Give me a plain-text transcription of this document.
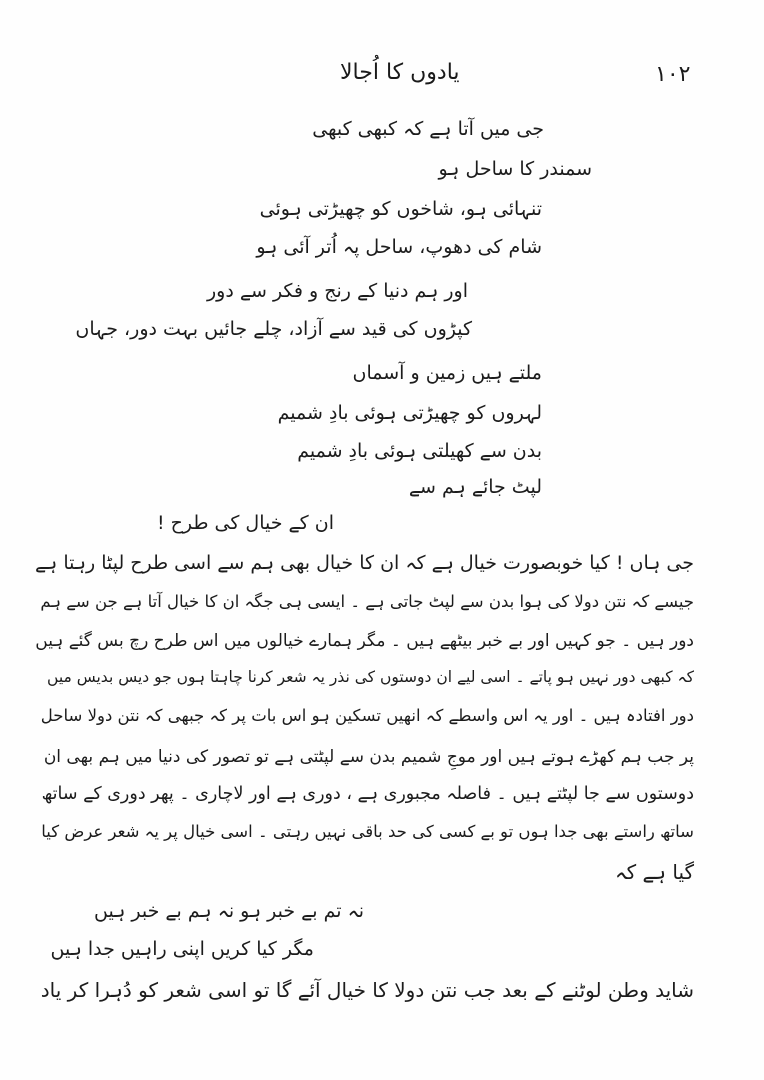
۱۰۲
یادوں کا اُجالا
جی میں آتا ہے کہ کبھی کبھی
سمندر کا ساحل ہو
تنہائی ہو، شاخوں کو چھیڑتی ہوئی
شام کی دھوپ، ساحل پہ اُتر آئی ہو
اور ہم دنیا کے رنج و فکر سے دور
کپڑوں کی قید سے آزاد، چلے جائیں بہت دور، جہاں
ملتے ہیں زمین و آسماں
لہروں کو چھیڑتی ہوئی بادِ شمیم
بدن سے کھیلتی ہوئی بادِ شمیم
لپٹ جائے ہم سے
ان کے خیال کی طرح !
جی ہاں ! کیا خوبصورت خیال ہے کہ ان کا خیال بھی ہم سے اسی طرح لپٹا رہتا ہے
جیسے کہ نتن دولا کی ہوا بدن سے لپٹ جاتی ہے ۔ ایسی ہی جگہ ان کا خیال آتا ہے جن سے ہم
دور ہیں ۔ جو کہیں اور بے خبر بیٹھے ہیں ۔ مگر ہمارے خیالوں میں اس طرح رچ بس گئے ہیں
کہ کبھی دور نہیں ہو پاتے ۔ اسی لیے ان دوستوں کی نذر یہ شعر کرنا چاہتا ہوں جو دیس بدیس میں
دور افتادہ ہیں ۔ اور یہ اس واسطے کہ انھیں تسکین ہو اس بات پر کہ جبھی کہ نتن دولا ساحل
پر جب ہم کھڑے ہوتے ہیں اور موجِ شمیم بدن سے لپٹتی ہے تو تصور کی دنیا میں ہم بھی ان
دوستوں سے جا لپٹتے ہیں ۔ فاصلہ مجبوری ہے ، دوری ہے اور لاچاری ۔ پھر دوری کے ساتھ
ساتھ راستے بھی جدا ہوں تو بے کسی کی حد باقی نہیں رہتی ۔ اسی خیال پر یہ شعر عرض کیا
گیا ہے کہ
نہ تم بے خبر ہو نہ ہم بے خبر ہیں
مگر کیا کریں اپنی راہیں جدا ہیں
شاید وطن لوٹنے کے بعد جب نتن دولا کا خیال آئے گا تو اسی شعر کو دُہرا کر یاد
